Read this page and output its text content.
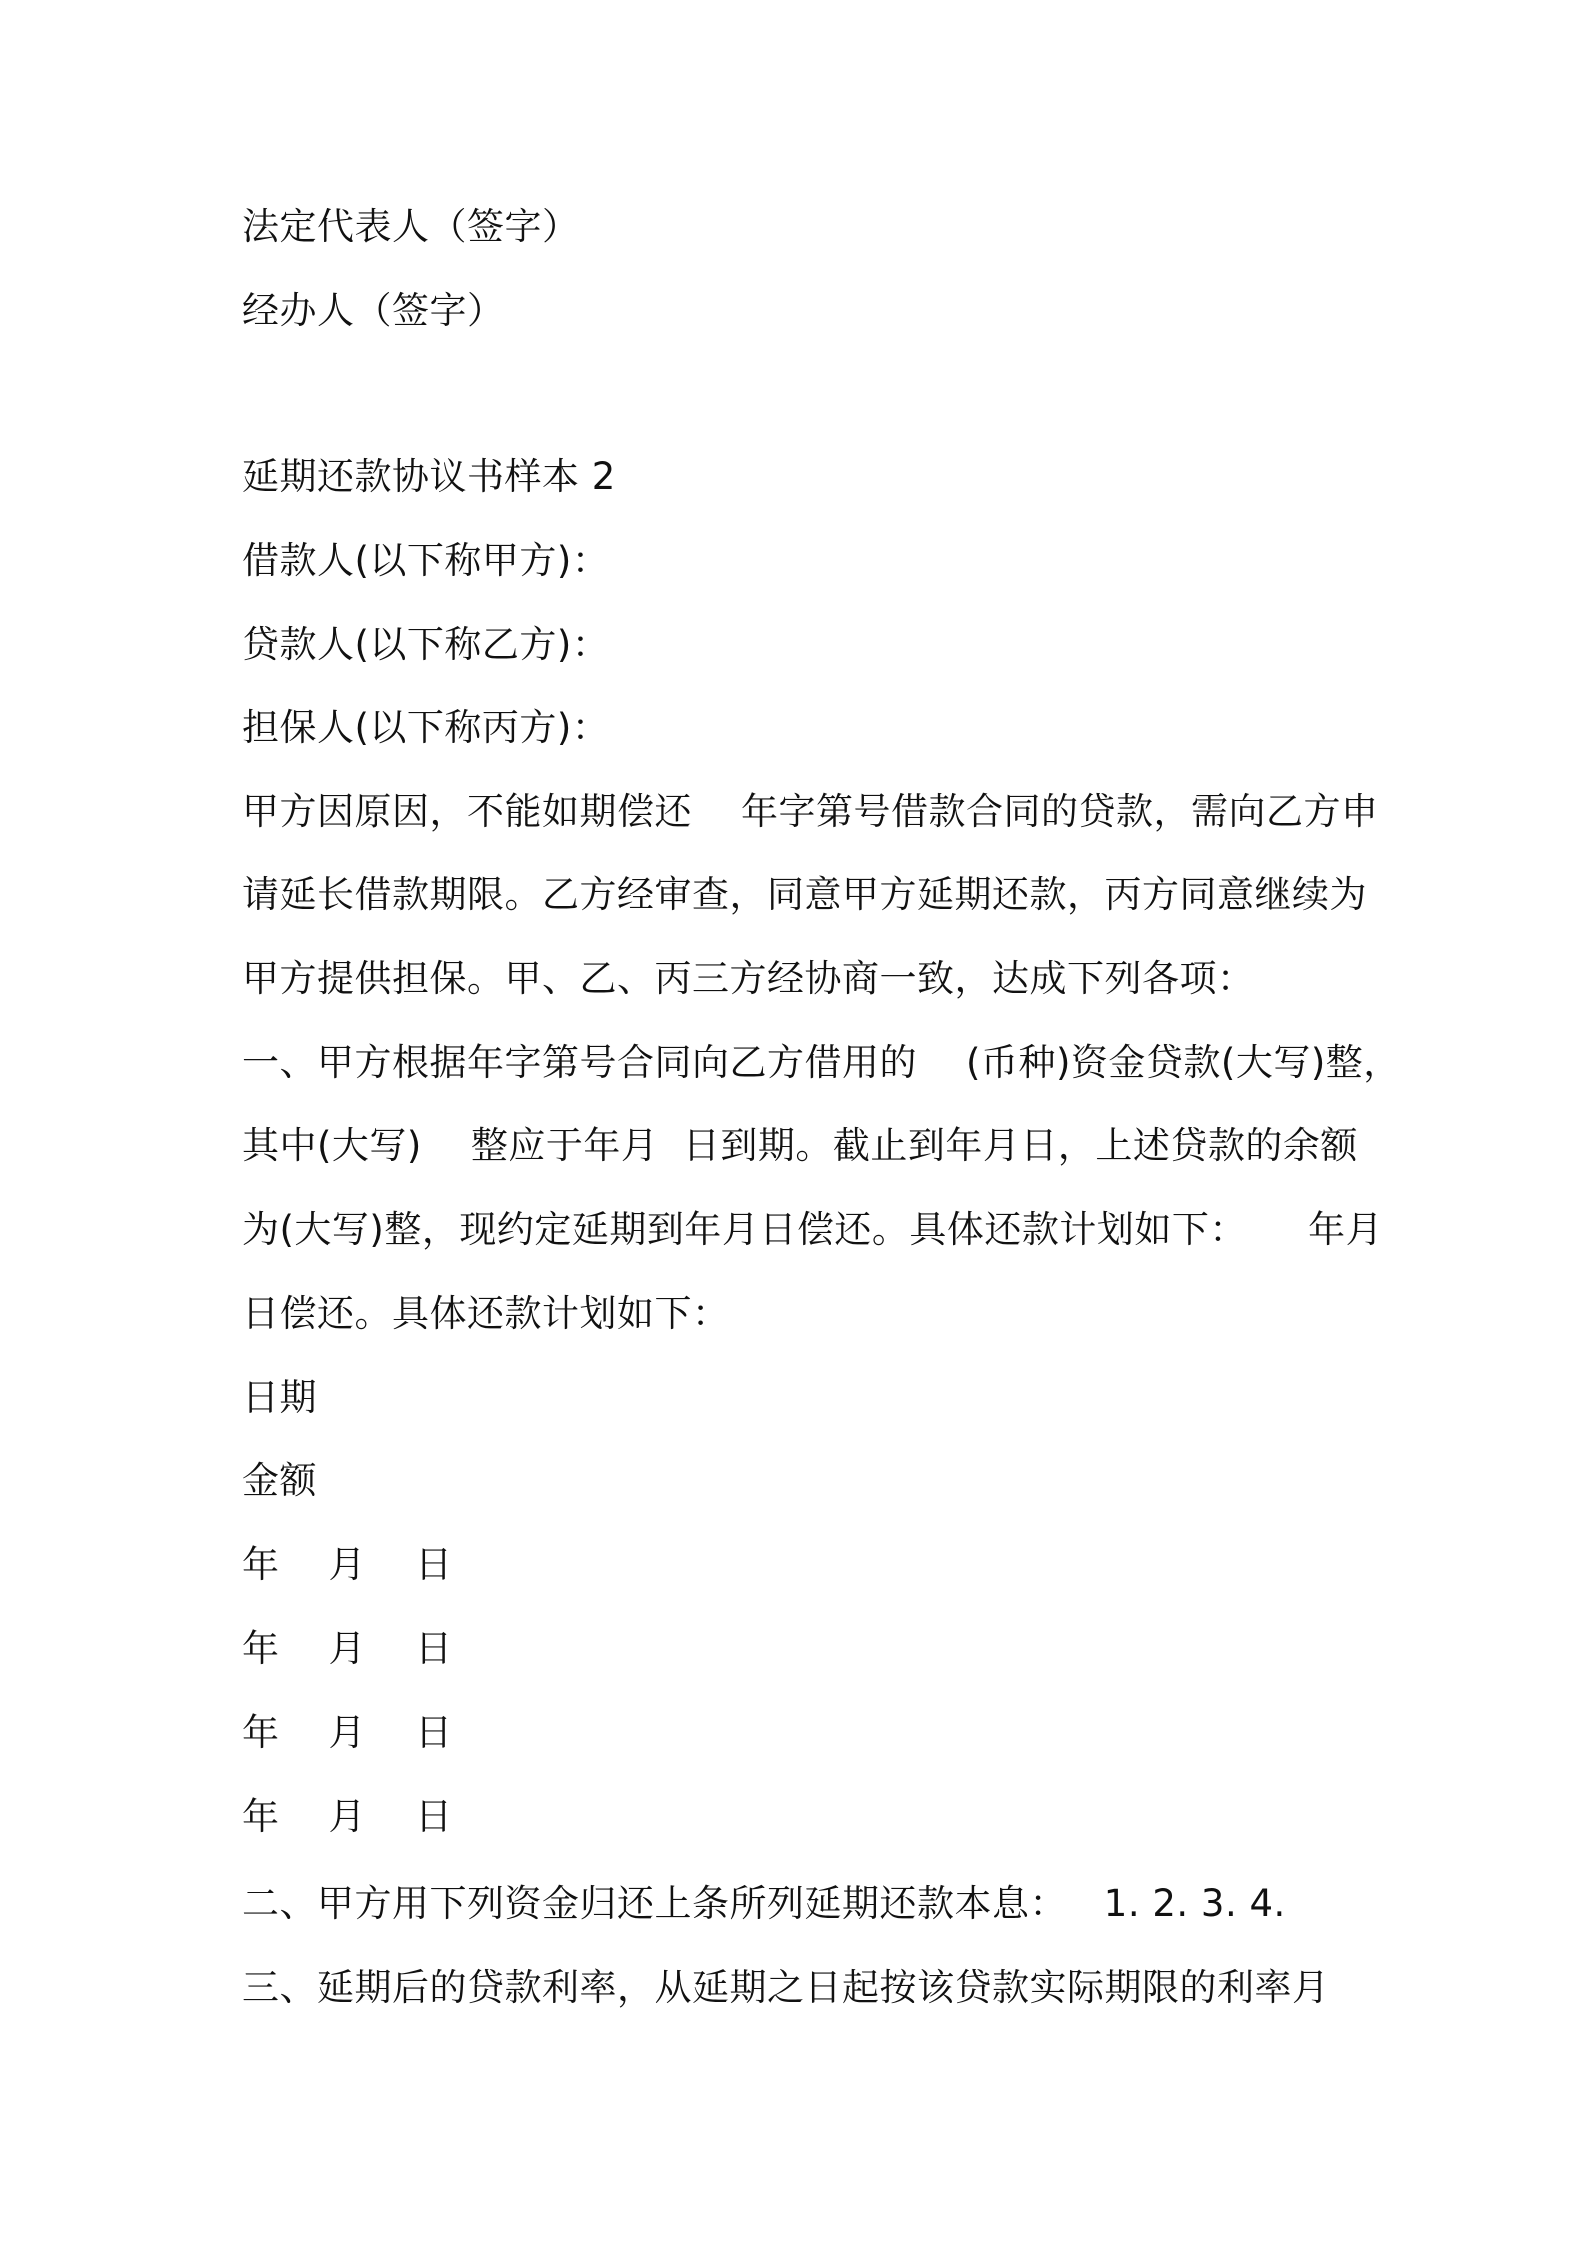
法定代表人（签字）
经办人（签字）
延期还款协议书样本 2
借款人(以下称甲方)：
贷款人(以下称乙方)：
担保人(以下称丙方)：
甲方因原因，不能如期偿还    年字第号借款合同的贷款，需向乙方申
请延长借款期限。乙方经审查，同意甲方延期还款，丙方同意继续为
甲方提供担保。甲、乙、丙三方经协商一致，达成下列各项：
一、甲方根据年字第号合同向乙方借用的    (币种)资金贷款(大写)整，
其中(大写)    整应于年月  日到期。截止到年月日，上述贷款的余额
为(大写)整，现约定延期到年月日偿还。具体还款计划如下：     年月
日偿还。具体还款计划如下：
日期
金额
年    月    日
年    月    日
年    月    日
年    月    日
二、甲方用下列资金归还上条所列延期还款本息：   1. 2. 3. 4.
三、延期后的贷款利率，从延期之日起按该贷款实际期限的利率月
